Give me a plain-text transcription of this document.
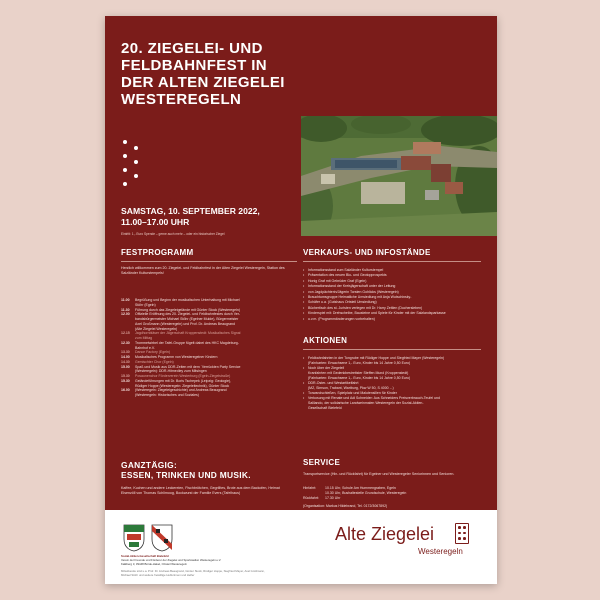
20. ZIEGELEI- UND
FELDBAHNFEST IN
DER ALTEN ZIEGELEI
WESTEREGELN
SAMSTAG, 10. SEPTEMBER 2022,
11.00–17.00 UHR
Eintritt: 1,- Euro Spende – gerne auch mehr – oder ein historischer Ziegel
FESTPROGRAMM
Herzlich willkommen zum 20. Ziegelei- und Feldbahnfest in der Alten Ziegelei Westeregeln, Station des Salzländer Kulturstempels!
11.00 Begrüßung und Beginn der musikalischen Unterhaltung mit Michael
Stöhr (Egeln)
11.30 Führung durch das Ziegeleigelände mit Günter Stock (Westeregeln)
12.00 Offizielle Eröffnung des 20. Ziegelei- und Feldbahnfestes durch Ver-
bandsbürgermeister Michael Stöhr (Egelner Mulde), Bürgermeister
Axel Großmann (Westeregeln) und Prof. Dr. Andreas Beaugrand
(Alte Ziegelei Westeregeln)
12.15 Jagdhornbläser der Jägerschaft Kroppenstedt: Musikalisches Signal
zum Mittag
12.30 Trommelwirbel der Tafel-Gruppe fügelt dabei des HKC Magdeburg-
Bahnhof e.V.
13.30 Dance Factory (Egeln)
14.00 Musikalisches Programm von Westeregelner Kindern
14.30 Gemischter Chor (Egeln)
15.00 Spaß und Musik aus DDR-Zeiten mit dem ´Verrückten Party Service
(Westeregeln): DDR-Hitmedley zum Mitsingen
15.30 Posaunenchor Förderverein Westerburg (Egeln-Ziegelstraße)
15.30 Geländeführungen mit Dr. Boris Tschepek (Leipzig: Geologie),
Rüdiger Hoppe (Westeregeln: Ziegeleitechnik), Günter Stock
16.00 (Westeregeln: Ziegeleigeschichte) und Andreas Beaugrand
(Westeregeln: Historisches und Soziales)
VERKAUFS- UND INFOSTÄNDE
• Informationsstand zum Salzländer Kulturstempel
• Präsentation des neuen Bio- und Geotopprospekts
• Honig Graf mit Gebrüder Graf (Egeln)
• Informationsstand der Kreisjägerschaft unter der Leitung
• von Jagdpächterin/Jägerin Torsten Gohlicks (Westeregeln)
• Brauchtumsgruppe Heimatliche Umsiedlung mit Anja Wutschinsky-
• Schäfer u.a. (Gutshaus Ortsteil Umsiedlung)
• Büchertisch des st. Juristen verlegen mit Dr. Harry Zeitlen (Duchersleben)
• Kinderspiel mit: Drehscheibe, Bausteine und Spiele für Kinder mit der Salzlandsparkasse
• u.v.m. (Programmänderungen vorbehalten)
AKTIONEN
• Feldbahnfahrten in der Tongrube mit Rüdiger Hoppe und Siegfried Mayer (Westeregeln)
(Fahrkarten: Erwachsene 1,- Euro, Kinder bis 14 Jahre 0,50 Euro)
• Noch über der Ziegelei!
Kranfahrten mit Gedenkbestreitster Steffen Mund (Kroppenstedt)
(Fahrkarten: Erwachsene 1,- Euro, Kinder bis 14 Jahre 0,50 Euro)
• DDR-Oster- und Westartikelfahrt
(MZ, Simson, Trabant, Wartburg, Pkw W 50, S 4000 ...)
• Torwandschießen, Spielplatz und Malutensilien für Kinder
• Verkosung mit Renate und Adi Schneider: Aus Schneiders Preisverbrauch-Teufel und
Salilando, der solidarische Landweinmalen Westeregeln der Sozial-Aktien-
Gesellschaft Bielefeld
GANZTÄGIG:
ESSEN, TRINKEN UND MUSIK.
Kaffee, Kuchen und andere Leckereien, Fischbrötchen, Gegrilltes, Brote aus dem Backofen, Heimat Eisenzöll von Thomas Schlimoog, Bockwurst der Familie Evers (Tafelhaus)
SERVICE
Transportservice (Hin- und Rückfahrt) für Egelner und Westeregeler Seniorinnen und Senioren.
Hinfahrt:	10.15 Uhr, Schule Am Hummengraben, Egeln
10.30 Uhr, Bushaltestelle Grundschule, Westeregeln
Rückfahrt: 17.30 Uhr
(Organisation: Markus Hildebrand, Tel. 0172/3067892)
Sozial-Aktien-Gesellschaft Bielefeld
Verein der Freunde und Förderer der Ziegelei und Sportstadion Westeregeln e.V.
Kalkberg 3, 39448 Börde-Hakel, Ortsteil Westeregeln
Mitwirkende sind u.a. Prof. Dr. Andreas Beaugrand, Günter Stock, Rüdiger Hoppe, Siegfried Mayer, Axel Großmann,
Michael Stöhr und weitere freiwillige Helferinnen und Helfer
Alte Ziegelei
Westeregeln
